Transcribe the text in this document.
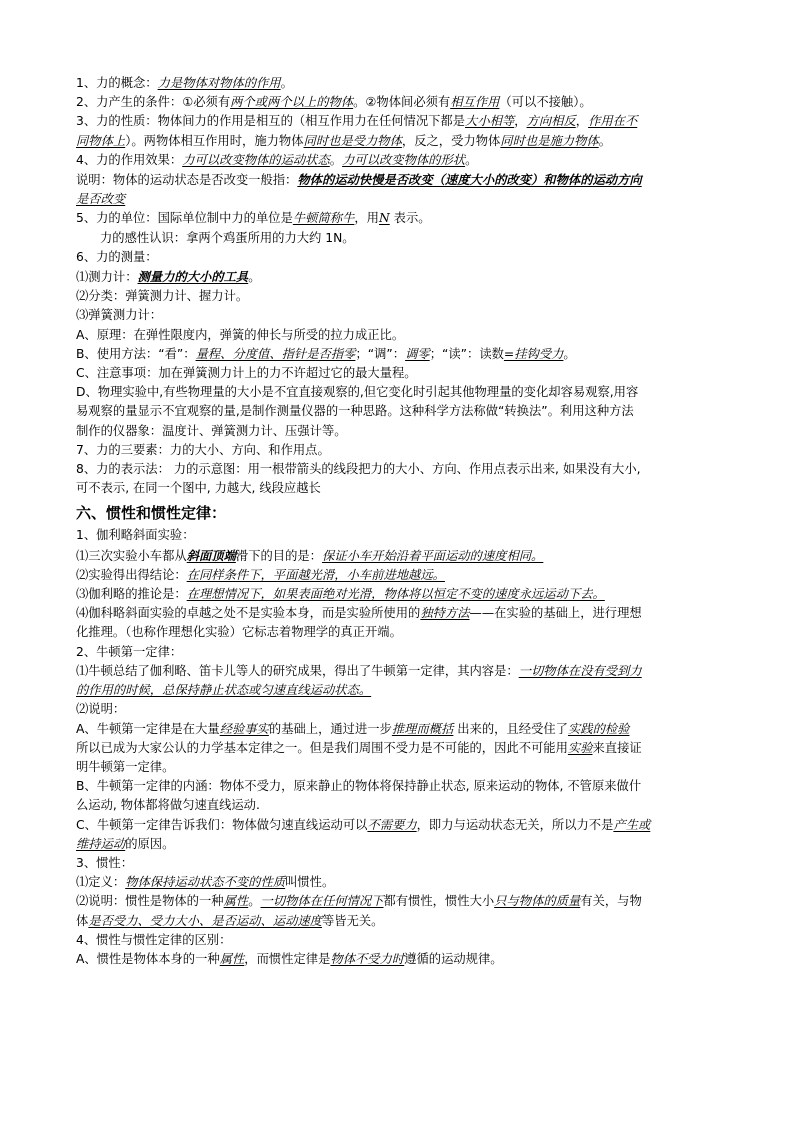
1、力的概念：力是物体对物体的作用。
2、力产生的条件：①必须有两个或两个以上的物体。②物体间必须有相互作用（可以不接触）。
3、力的性质：物体间力的作用是相互的（相互作用力在任何情况下都是大小相等，方向相反，作用在不
同物体上）。两物体相互作用时，施力物体同时也是受力物体，反之，受力物体同时也是施力物体。
4、力的作用效果：力可以改变物体的运动状态。力可以改变物体的形状。
说明：物体的运动状态是否改变一般指：物体的运动快慢是否改变（速度大小的改变）和物体的运动方向
是否改变
5、力的单位：国际单位制中力的单位是牛顿简称牛，用N 表示。
力的感性认识：拿两个鸡蛋所用的力大约 1N。
6、力的测量：
⑴测力计：测量力的大小的工具。
⑵分类：弹簧测力计、握力计。
⑶弹簧测力计：
A、原理：在弹性限度内，弹簧的伸长与所受的拉力成正比。
B、使用方法：“看”：量程、分度值、指针是否指零；“调”：调零；“读”：读数=挂钩受力。
C、注意事项：加在弹簧测力计上的力不许超过它的最大量程。
D、物理实验中,有些物理量的大小是不宜直接观察的,但它变化时引起其他物理量的变化却容易观察,用容
易观察的量显示不宜观察的量,是制作测量仪器的一种思路。这种科学方法称做“转换法”。利用这种方法
制作的仪器象：温度计、弹簧测力计、压强计等。
7、力的三要素：力的大小、方向、和作用点。
8、力的表示法： 力的示意图：用一根带箭头的线段把力的大小、方向、作用点表示出来, 如果没有大小,
可不表示, 在同一个图中, 力越大, 线段应越长
六、惯性和惯性定律：
1、伽利略斜面实验：
⑴三次实验小车都从斜面顶端滑下的目的是：保证小车开始沿着平面运动的速度相同。
⑵实验得出得结论：在同样条件下，平面越光滑，小车前进地越远。
⑶伽利略的推论是：在理想情况下，如果表面绝对光滑，物体将以恒定不变的速度永远运动下去。
⑷伽科略斜面实验的卓越之处不是实验本身，而是实验所使用的独特方法——在实验的基础上，进行理想
化推理。（也称作理想化实验）它标志着物理学的真正开端。
2、牛顿第一定律：
⑴牛顿总结了伽利略、笛卡儿等人的研究成果，得出了牛顿第一定律，其内容是：一切物体在没有受到力
的作用的时候，总保持静止状态或匀速直线运动状态。
⑵说明：
A、牛顿第一定律是在大量经验事实的基础上，通过进一步推理而概括 出来的，且经受住了实践的检验
所以已成为大家公认的力学基本定律之一。但是我们周围不受力是不可能的，因此不可能用实验来直接证
明牛顿第一定律。
B、牛顿第一定律的内涵：物体不受力，原来静止的物体将保持静止状态, 原来运动的物体, 不管原来做什
么运动, 物体都将做匀速直线运动.
C、牛顿第一定律告诉我们：物体做匀速直线运动可以不需要力，即力与运动状态无关，所以力不是产生或
维持运动的原因。
3、惯性：
⑴定义：物体保持运动状态不变的性质叫惯性。
⑵说明：惯性是物体的一种属性。一切物体在任何情况下都有惯性，惯性大小只与物体的质量有关，与物
体是否受力、受力大小、是否运动、运动速度等皆无关。
4、惯性与惯性定律的区别：
A、惯性是物体本身的一种属性，而惯性定律是物体不受力时遵循的运动规律。
